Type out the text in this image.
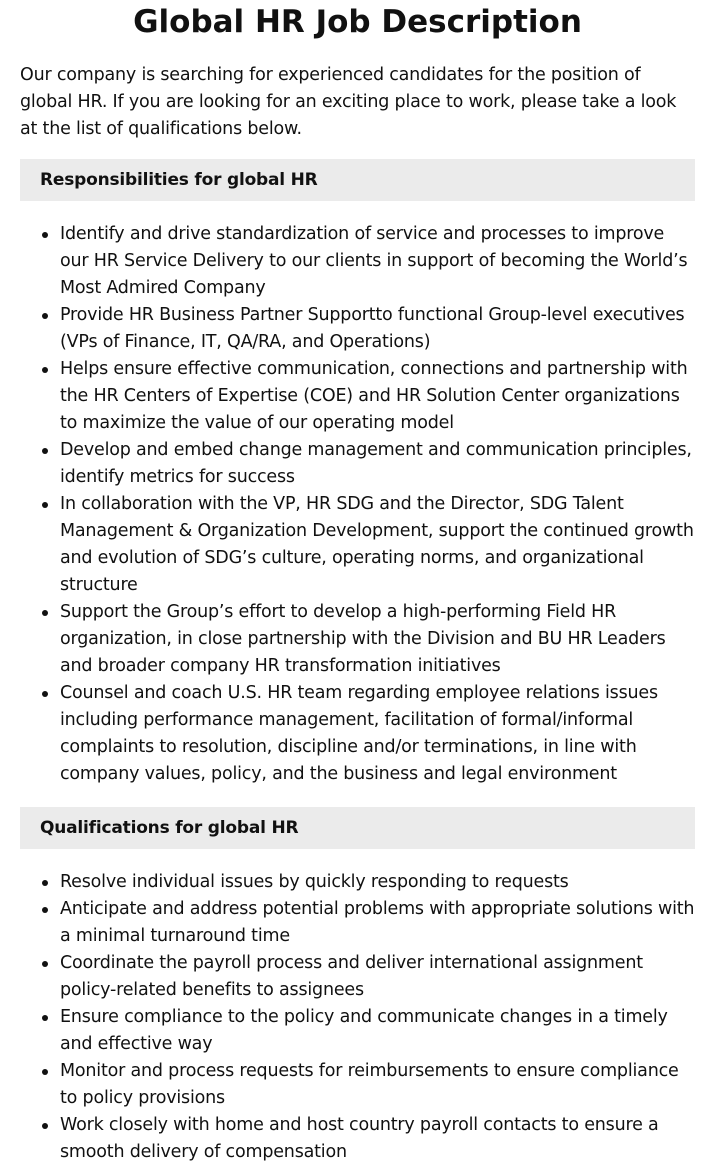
Global HR Job Description

Our company is searching for experienced candidates for the position of global HR. If you are looking for an exciting place to work, please take a look at the list of qualifications below.

Responsibilities for global HR
Identify and drive standardization of service and processes to improve our HR Service Delivery to our clients in support of becoming the World’s Most Admired Company
Provide HR Business Partner Supportto functional Group-level executives (VPs of Finance, IT, QA/RA, and Operations)
Helps ensure effective communication, connections and partnership with the HR Centers of Expertise (COE) and HR Solution Center organizations to maximize the value of our operating model
Develop and embed change management and communication principles, identify metrics for success
In collaboration with the VP, HR SDG and the Director, SDG Talent Management & Organization Development, support the continued growth and evolution of SDG’s culture, operating norms, and organizational structure
Support the Group’s effort to develop a high-performing Field HR organization, in close partnership with the Division and BU HR Leaders and broader company HR transformation initiatives
Counsel and coach U.S. HR team regarding employee relations issues including performance management, facilitation of formal/informal complaints to resolution, discipline and/or terminations, in line with company values, policy, and the business and legal environment
Qualifications for global HR
Resolve individual issues by quickly responding to requests
Anticipate and address potential problems with appropriate solutions with a minimal turnaround time
Coordinate the payroll process and deliver international assignment policy-related benefits to assignees
Ensure compliance to the policy and communicate changes in a timely and effective way
Monitor and process requests for reimbursements to ensure compliance to policy provisions
Work closely with home and host country payroll contacts to ensure a smooth delivery of compensation
